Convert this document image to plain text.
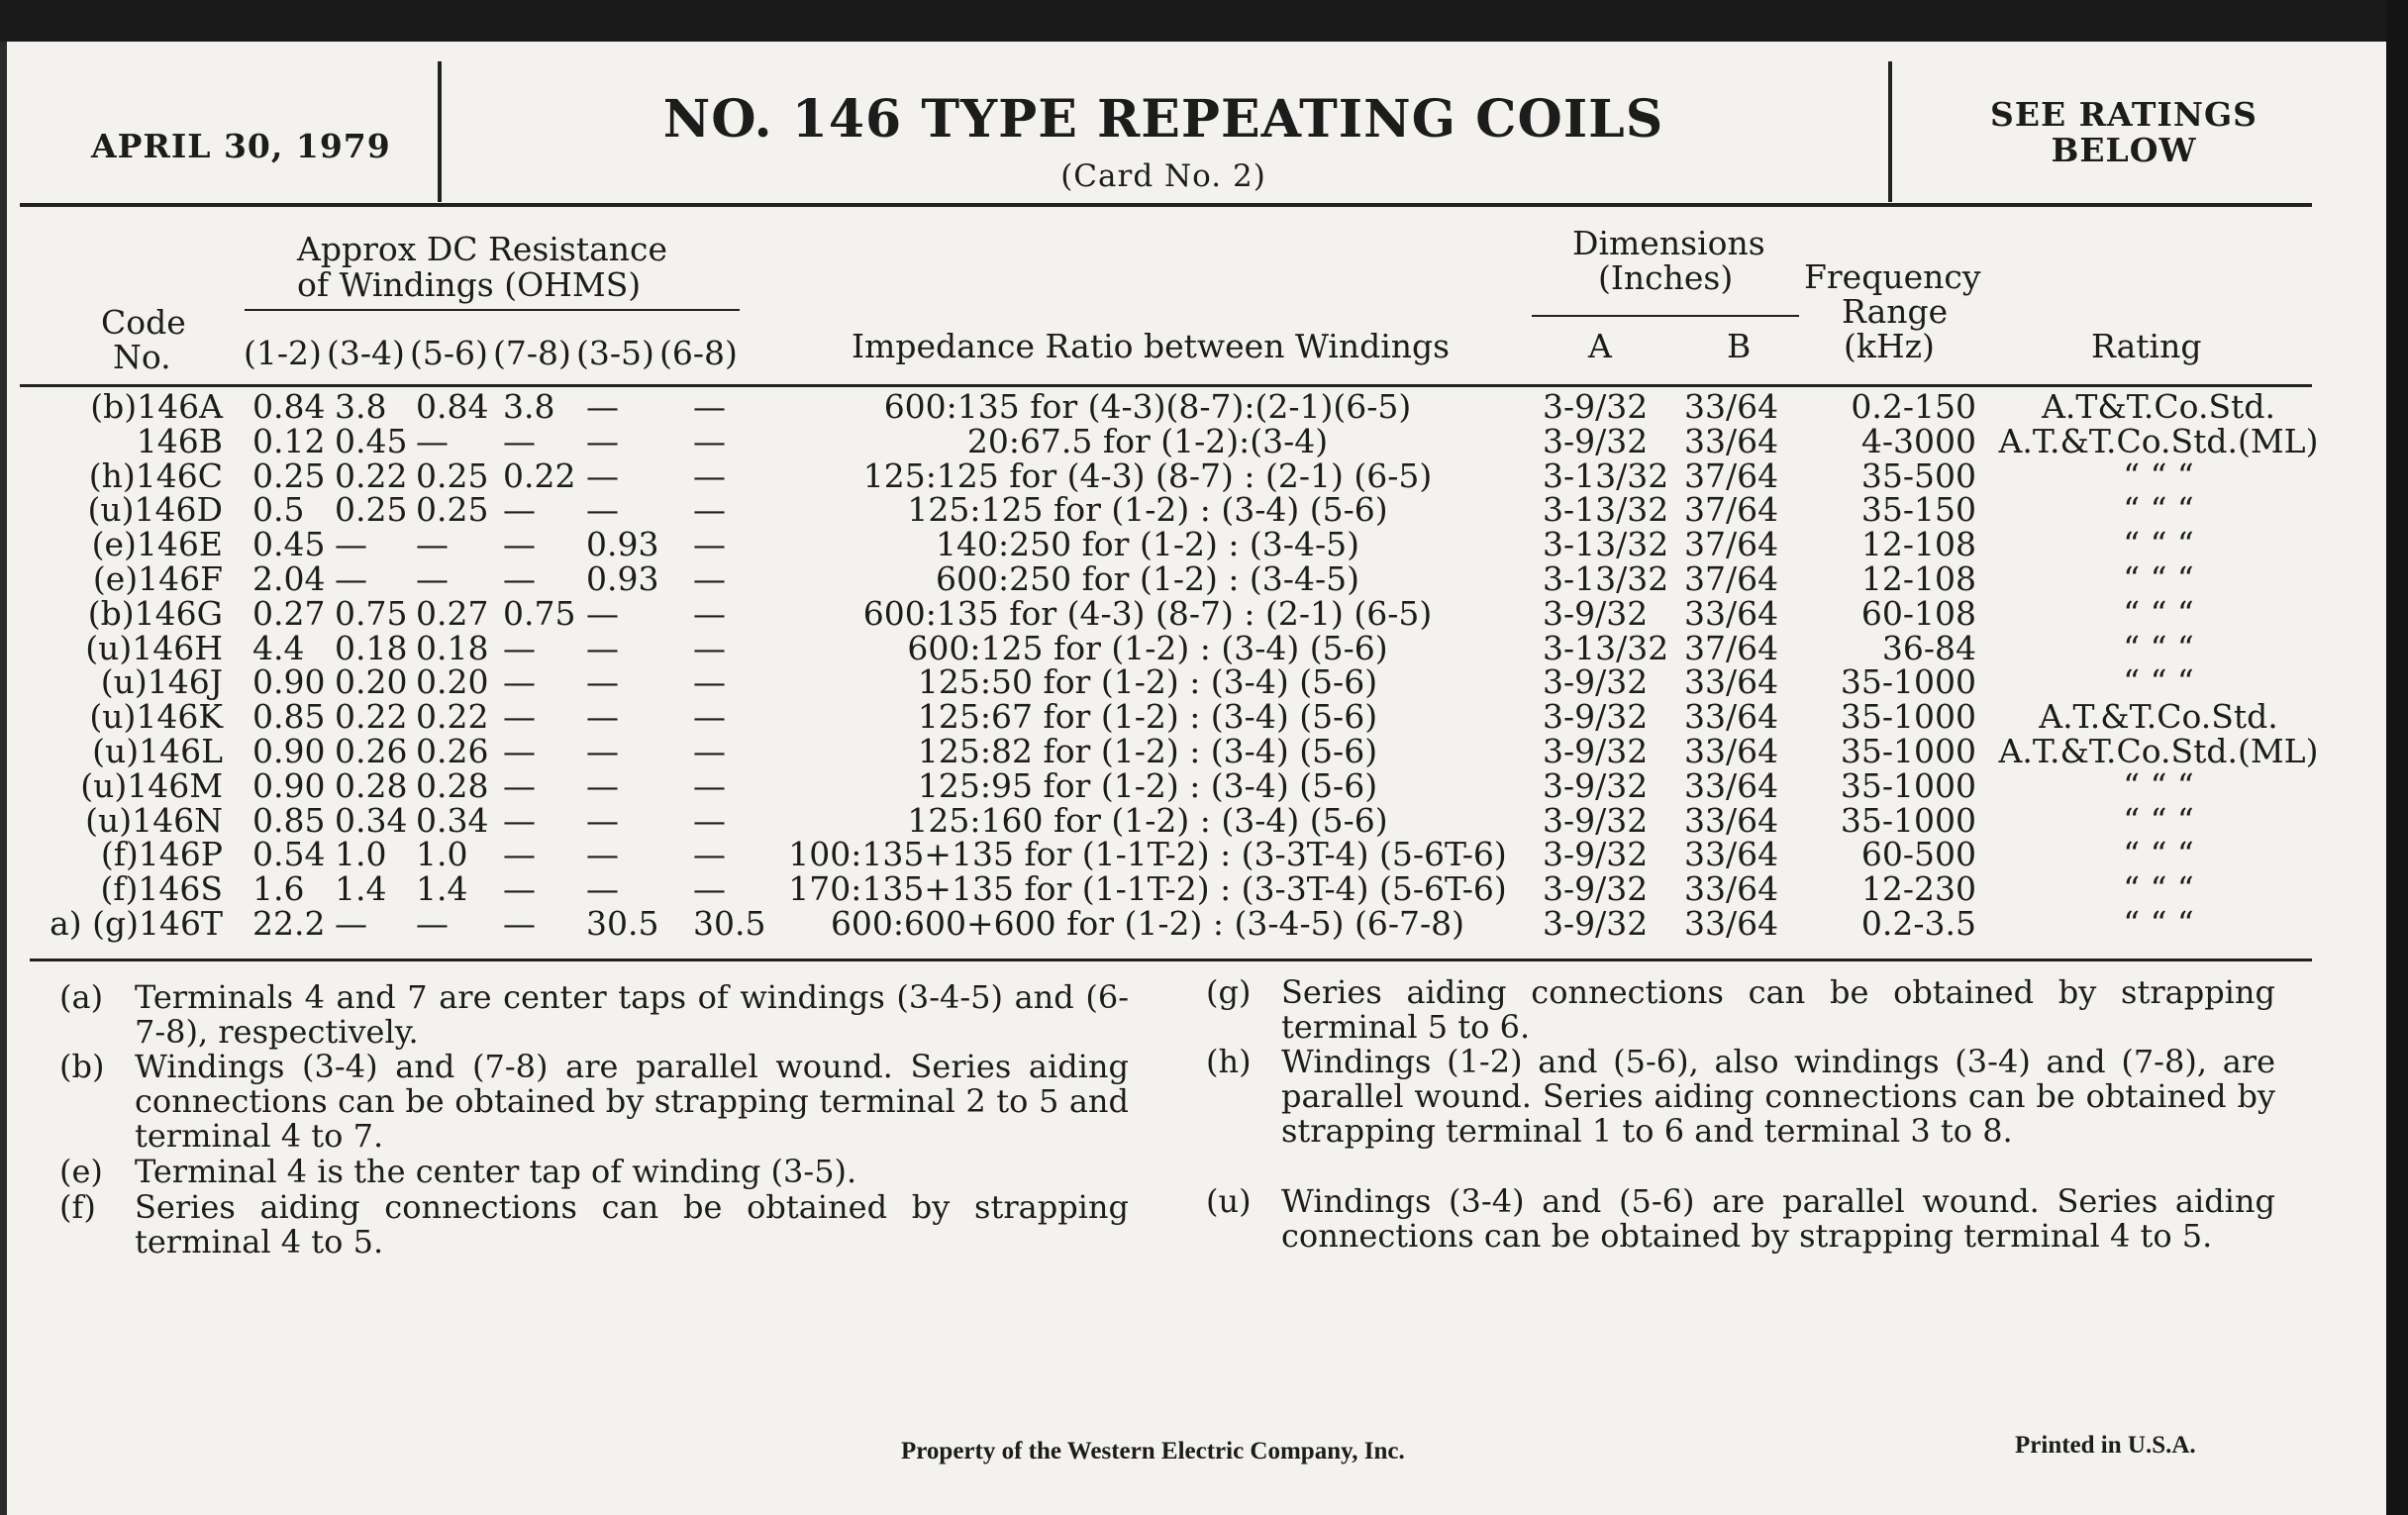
APRIL 30, 1979	NO. 146 TYPE REPEATING COILS
(Card No. 2)
SEE RATINGS
BELOW
Code
No.
Approx DC Resistance
of Windings (OHMS)
(1-2) (3-4) (5-6) (7-8) (3-5) (6-8)	Impedance Ratio between Windings
Dimensions
(Inches)
A	B
Frequency
Range
(kHz)	Rating
(b)146A 0.84 3.8 0.84 3.8 — —	600:135 for (4-3)(8-7):(2-1)(6-5)	3-9/32 33/64	0.2-150	A.T&T.Co.Std.
146B 0.12 0.45 — — — —	20:67.5 for (1-2):(3-4)	3-9/32 33/64	4-3000 A.T.&T.Co.Std.(ML)
(h)146C 0.25 0.22 0.25 0.22 — —	125:125 for (4-3) (8-7) : (2-1) (6-5)	3-13/32 37/64	35-500	“ “ “
(u)146D 0.5 0.25 0.25 — — —	125:125 for (1-2) : (3-4) (5-6)	3-13/32 37/64	35-150	“ “ “
(e)146E 0.45 — — — 0.93 —	140:250 for (1-2) : (3-4-5)	3-13/32 37/64	12-108	“ “ “
(e)146F 2.04 — — — 0.93 —	600:250 for (1-2) : (3-4-5)	3-13/32 37/64	12-108	“ “ “
(b)146G 0.27 0.75 0.27 0.75 — —	600:135 for (4-3) (8-7) : (2-1) (6-5)	3-9/32 33/64	60-108	“ “ “
(u)146H 4.4 0.18 0.18 — — —	600:125 for (1-2) : (3-4) (5-6)	3-13/32 37/64	36-84	“ “ “
(u)146J 0.90 0.20 0.20 — — —	125:50 for (1-2) : (3-4) (5-6)	3-9/32 33/64	35-1000	“ “ “
(u)146K 0.85 0.22 0.22 — — —	125:67 for (1-2) : (3-4) (5-6)	3-9/32 33/64	35-1000	A.T.&T.Co.Std.
(u)146L 0.90 0.26 0.26 — — —	125:82 for (1-2) : (3-4) (5-6)	3-9/32 33/64	35-1000 A.T.&T.Co.Std.(ML)
(u)146M 0.90 0.28 0.28 — — —	125:95 for (1-2) : (3-4) (5-6)	3-9/32 33/64	35-1000	“ “ “
(u)146N 0.85 0.34 0.34 — — —	125:160 for (1-2) : (3-4) (5-6)	3-9/32 33/64	35-1000	“ “ “
(f)146P 0.54 1.0 1.0 — — —	100:135+135 for (1-1T-2) : (3-3T-4) (5-6T-6)	3-9/32 33/64	60-500	“ “ “
(f)146S 1.6 1.4 1.4 — — —	170:135+135 for (1-1T-2) : (3-3T-4) (5-6T-6)	3-9/32 33/64	12-230	“ “ “
a) (g)146T 22.2 — — — 30.5 30.5	600:600+600 for (1-2) : (3-4-5) (6-7-8)	3-9/32 33/64	0.2-3.5	“ “ “
(a) Terminals 4 and 7 are center taps of windings (3-4-5) and (6-7-8), respectively.
(b) Windings (3-4) and (7-8) are parallel wound. Series aiding connections can be obtained by strapping terminal 2 to 5 and terminal 4 to 7.
(e) Terminal 4 is the center tap of winding (3-5).
(f) Series aiding connections can be obtained by strapping terminal 4 to 5.
(g) Series aiding connections can be obtained by strapping terminal 5 to 6.
(h) Windings (1-2) and (5-6), also windings (3-4) and (7-8), are parallel wound. Series aiding connections can be obtained by strapping terminal 1 to 6 and terminal 3 to 8.
(u) Windings (3-4) and (5-6) are parallel wound. Series aiding connections can be obtained by strapping terminal 4 to 5.
Property of the Western Electric Company, Inc.	Printed in U.S.A.
